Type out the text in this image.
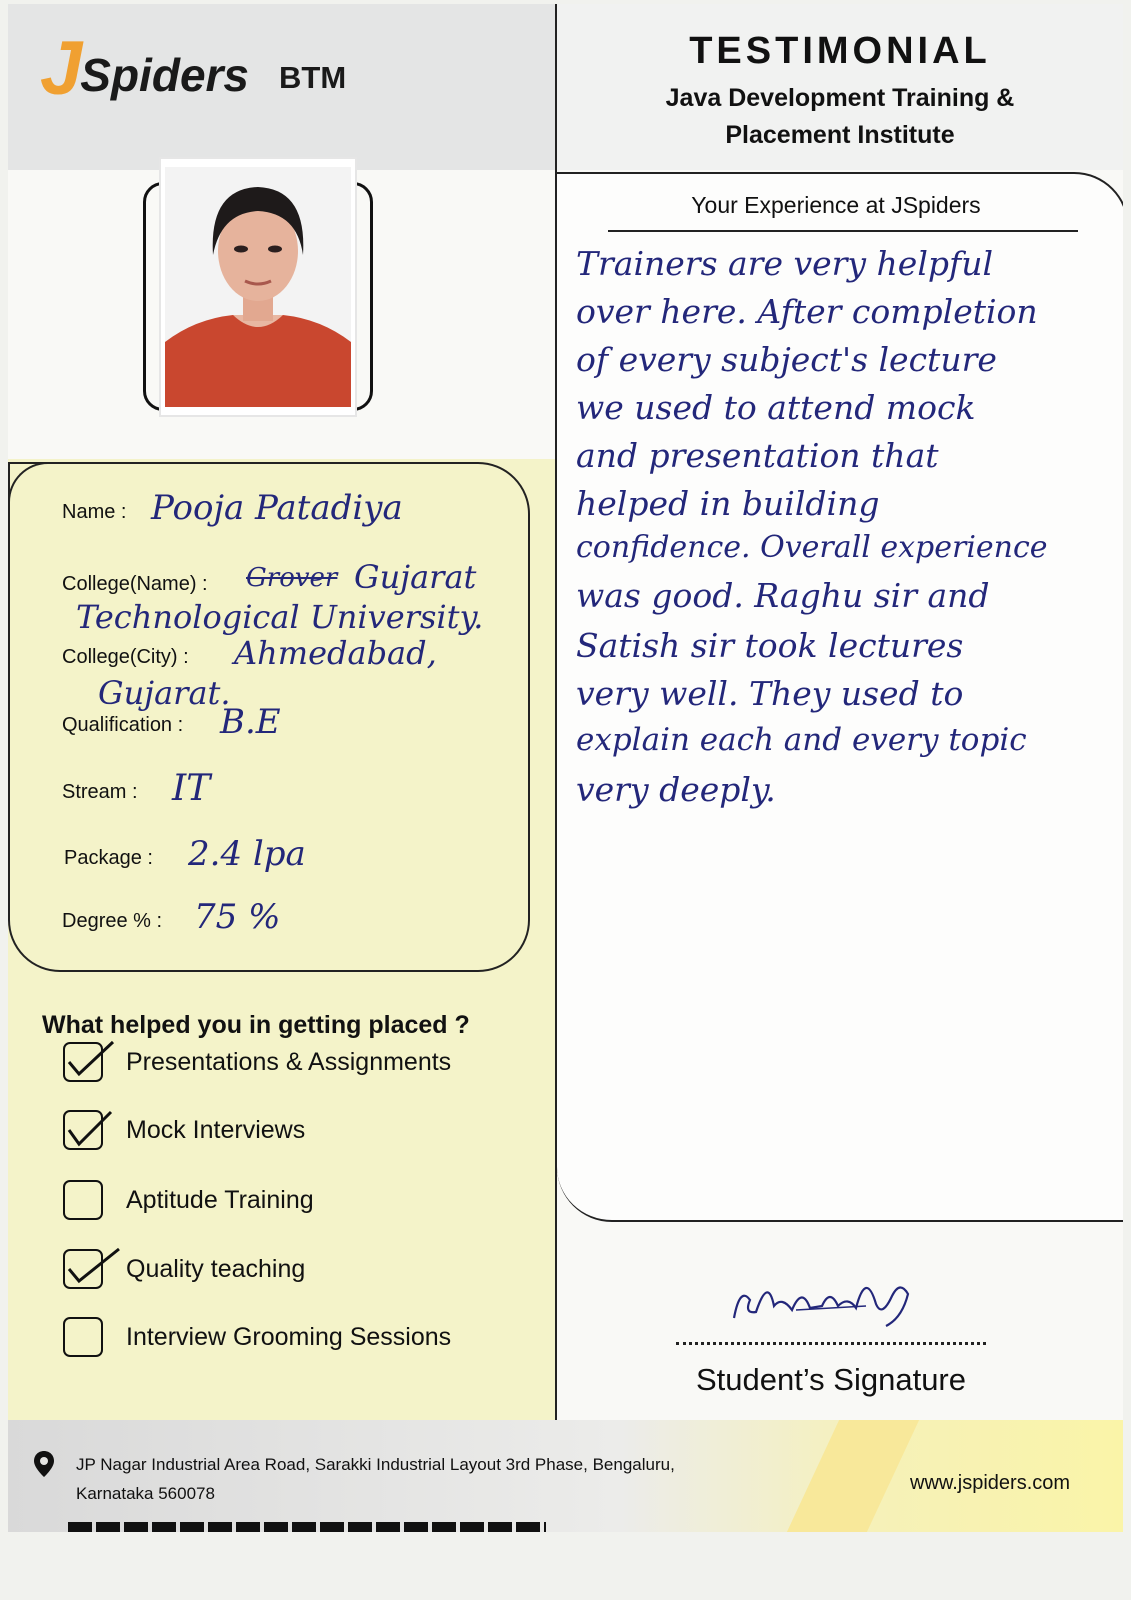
J
Spiders BTM
TESTIMONIAL
Java Development Training &
Placement Institute
Name : Pooja Patadiya
College(Name) : Grover Gujarat
Technological University.
College(City) : Ahmedabad,
Gujarat.
Qualification : B.E
Stream : IT
Package : 2.4 lpa
Degree % : 75 %
What helped you in getting placed ?
Presentations & Assignments
Mock Interviews
Aptitude Training
Quality teaching
Interview Grooming Sessions
Your Experience at JSpiders
Trainers are very helpful
over here. After completion
of every subject's lecture
we used to attend mock
and presentation that
helped in building
confidence. Overall experience
was good. Raghu sir and
Satish sir took lectures
very well. They used to
explain each and every topic
very deeply.
Student’s Signature
JP Nagar Industrial Area Road, Sarakki Industrial Layout 3rd Phase, Bengaluru,
Karnataka 560078	www.jspiders.com
